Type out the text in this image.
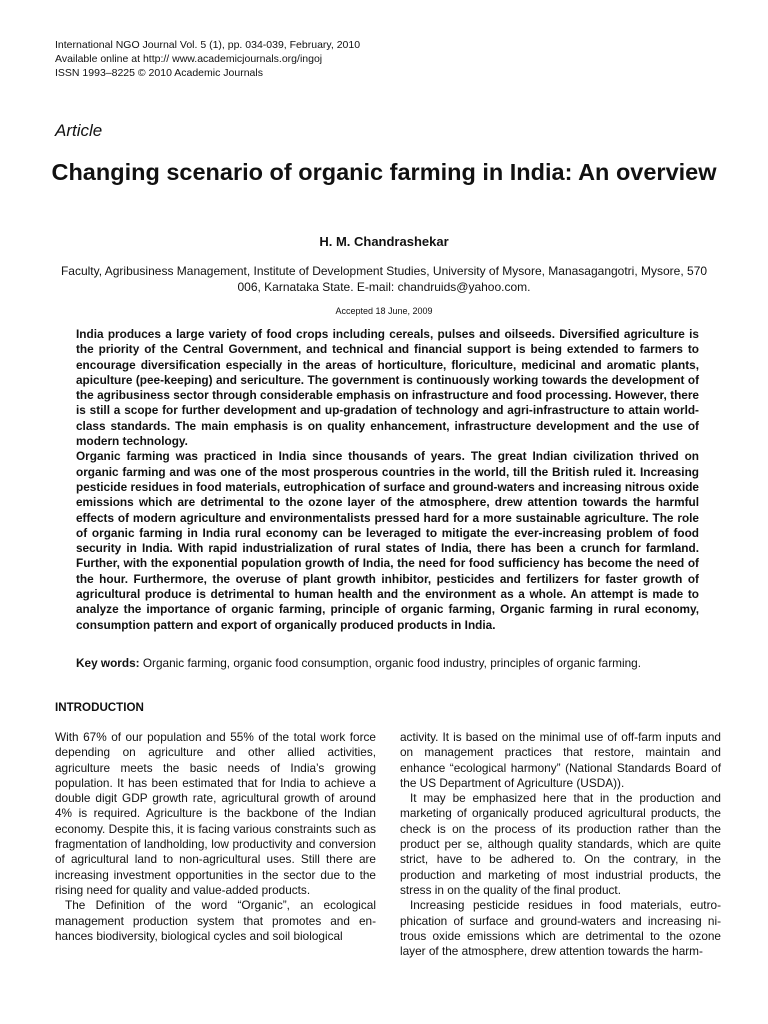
International NGO Journal Vol. 5 (1), pp. 034-039, February, 2010
Available online at http:// www.academicjournals.org/ingoj
ISSN 1993–8225 © 2010 Academic Journals
Article
Changing scenario of organic farming in India: An overview
H. M. Chandrashekar
Faculty, Agribusiness Management, Institute of Development Studies, University of Mysore, Manasagangotri, Mysore, 570 006, Karnataka State. E-mail: chandruids@yahoo.com.
Accepted 18 June, 2009

India produces a large variety of food crops including cereals, pulses and oilseeds. Diversified agriculture is the priority of the Central Government, and technical and financial support is being extended to farmers to encourage diversification especially in the areas of horticulture, floriculture, medicinal and aromatic plants, apiculture (pee-keeping) and sericulture. The government is continuously working towards the development of the agribusiness sector through considerable emphasis on infrastructure and food processing. However, there is still a scope for further development and up-gradation of technology and agri-infrastructure to attain world-class standards. The main emphasis is on quality enhancement, infrastructure development and the use of modern technology.

Organic farming was practiced in India since thousands of years. The great Indian civilization thrived on organic farming and was one of the most prosperous countries in the world, till the British ruled it. Increasing pesticide residues in food materials, eutrophication of surface and ground-waters and increasing nitrous oxide emissions which are detrimental to the ozone layer of the atmosphere, drew attention towards the harmful effects of modern agriculture and environmentalists pressed hard for a more sustainable agriculture. The role of organic farming in India rural economy can be leveraged to mitigate the ever-increasing problem of food security in India. With rapid industrialization of rural states of India, there has been a crunch for farmland. Further, with the exponential population growth of India, the need for food sufficiency has become the need of the hour. Furthermore, the overuse of plant growth inhibitor, pesticides and fertilizers for faster growth of agricultural produce is detrimental to human health and the environment as a whole. An attempt is made to analyze the importance of organic farming, principle of organic farming, Organic farming in rural economy, consumption pattern and export of organically produced products in India.

Key words: Organic farming, organic food consumption, organic food industry, principles of organic farming.
INTRODUCTION

With 67% of our population and 55% of the total work force depending on agriculture and other allied activities, agriculture meets the basic needs of India’s growing population. It has been estimated that for India to achieve a double digit GDP growth rate, agricultural growth of around 4% is required. Agriculture is the backbone of the Indian economy. Despite this, it is facing various constraints such as fragmentation of landholding, low productivity and conversion of agricultural land to non-agricultural uses. Still there are increasing investment opportunities in the sector due to the rising need for quality and value-added products.

The Definition of the word “Organic”, an ecological management production system that promotes and en-hances biodiversity, biological cycles and soil biological

activity. It is based on the minimal use of off-farm inputs and on management practices that restore, maintain and enhance “ecological harmony” (National Standards Board of the US Department of Agriculture (USDA)).

It may be emphasized here that in the production and marketing of organically produced agricultural products, the check is on the process of its production rather than the product per se, although quality standards, which are quite strict, have to be adhered to. On the contrary, in the production and marketing of most industrial products, the stress in on the quality of the final product.

Increasing pesticide residues in food materials, eutro-phication of surface and ground-waters and increasing ni-trous oxide emissions which are detrimental to the ozone layer of the atmosphere, drew attention towards the harm-
